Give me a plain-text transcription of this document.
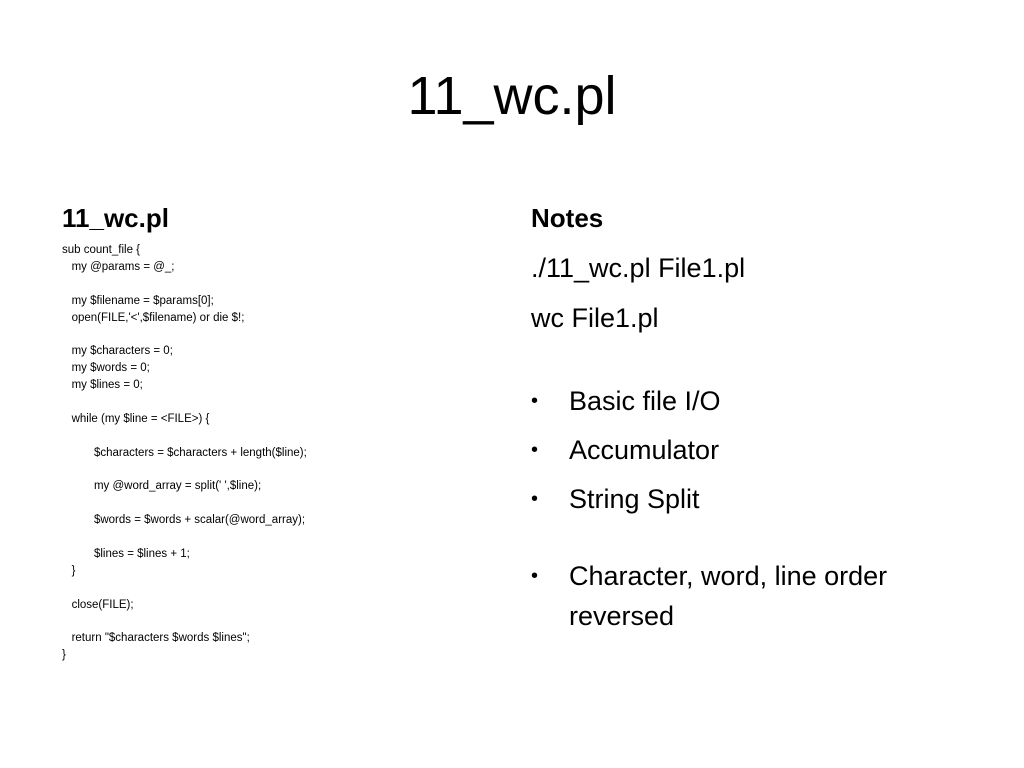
11_wc.pl
11_wc.pl
sub count_file {
my @params = @_;
my $filename = $params[0];
open(FILE,'<',$filename) or die $!;
my $characters = 0;
my $words = 0;
my $lines = 0;
while (my $line = <FILE>) {
$characters = $characters + length($line);
my @word_array = split(' ',$line);
$words = $words + scalar(@word_array);
$lines = $lines + 1;
}
close(FILE);
return "$characters $words $lines";
}
Notes
./11_wc.pl File1.pl
wc File1.pl
•	Basic file I/O
•	Accumulator
•	String Split
•	Character, word, line order reversed
